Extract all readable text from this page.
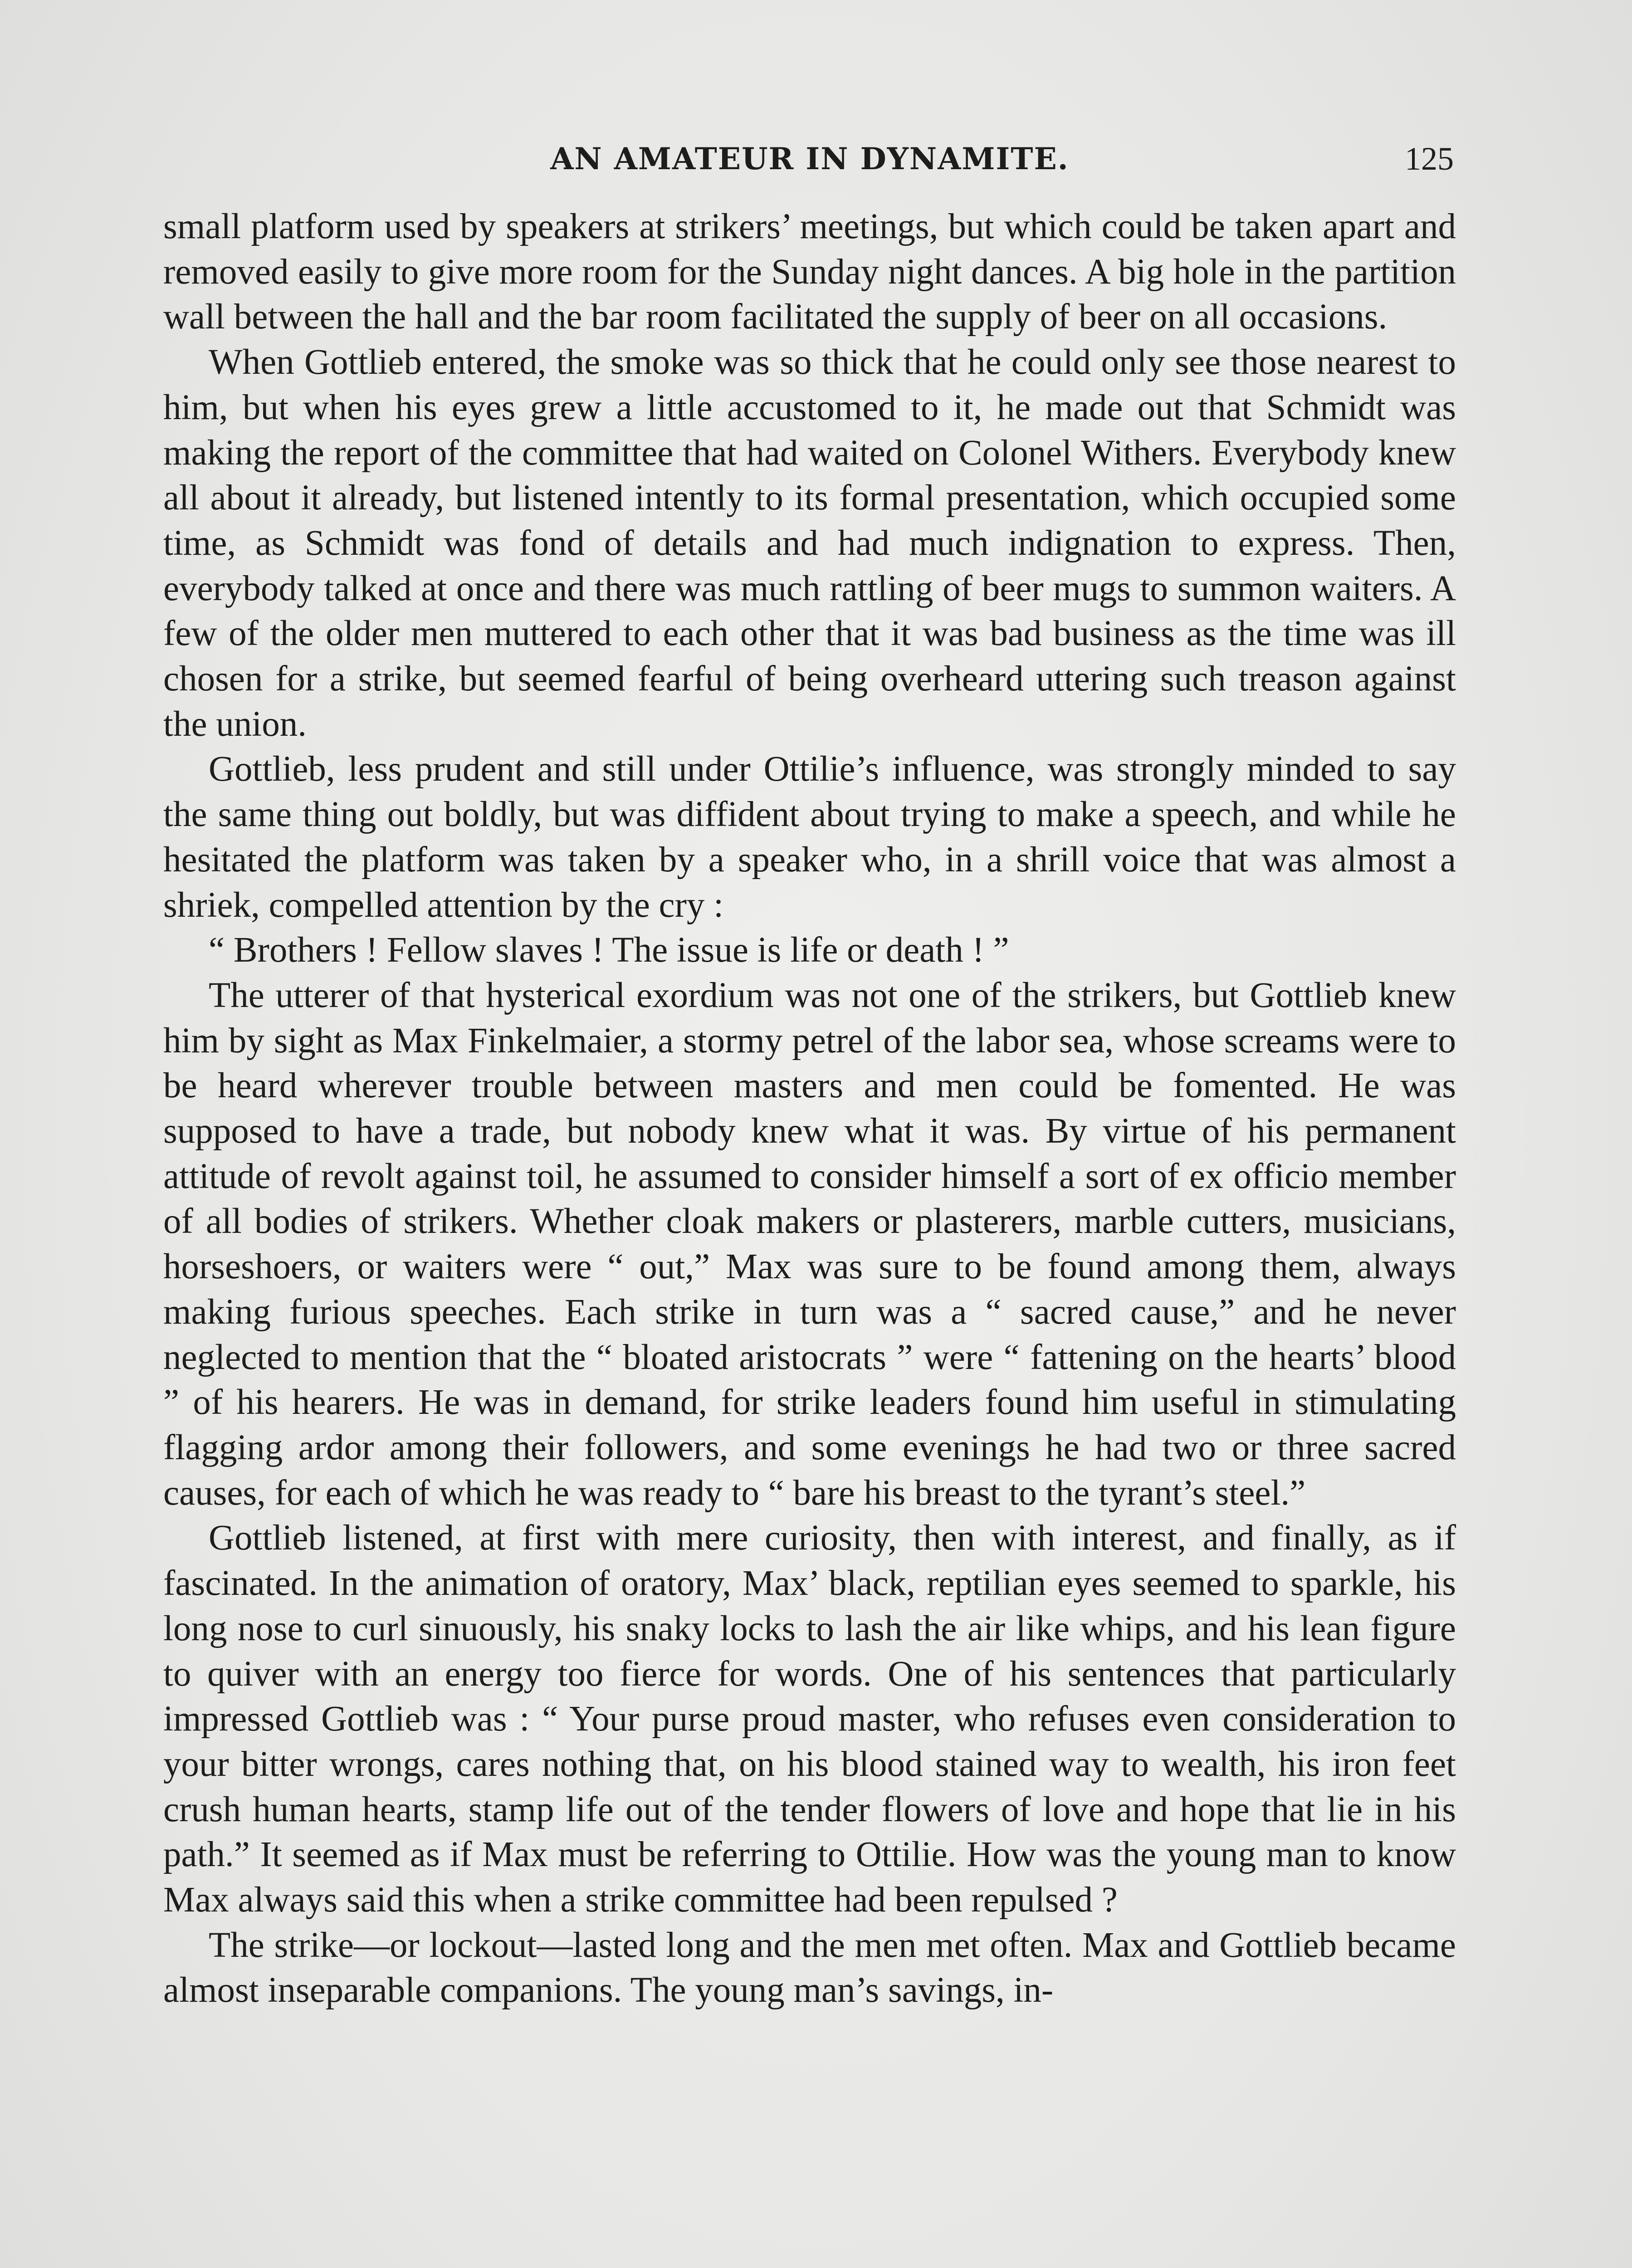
AN AMATEUR IN DYNAMITE.	125

small platform used by speakers at strikers’ meetings, but which could be taken apart and removed easily to give more room for the Sunday night dances. A big hole in the partition wall between the hall and the bar room facilitated the supply of beer on all occasions.

When Gottlieb entered, the smoke was so thick that he could only see those nearest to him, but when his eyes grew a little accustomed to it, he made out that Schmidt was making the report of the committee that had waited on Colonel Withers. Everybody knew all about it already, but listened intently to its formal presentation, which occupied some time, as Schmidt was fond of details and had much indignation to express. Then, everybody talked at once and there was much rattling of beer mugs to summon waiters. A few of the older men muttered to each other that it was bad business as the time was ill chosen for a strike, but seemed fearful of being overheard uttering such treason against the union.

Gottlieb, less prudent and still under Ottilie’s influence, was strongly minded to say the same thing out boldly, but was diffident about trying to make a speech, and while he hesitated the platform was taken by a speaker who, in a shrill voice that was almost a shriek, compelled attention by the cry :

“ Brothers ! Fellow slaves ! The issue is life or death ! ”

The utterer of that hysterical exordium was not one of the strikers, but Gottlieb knew him by sight as Max Finkelmaier, a stormy petrel of the labor sea, whose screams were to be heard wherever trouble between masters and men could be fomented. He was supposed to have a trade, but nobody knew what it was. By virtue of his permanent attitude of revolt against toil, he assumed to consider himself a sort of ex officio member of all bodies of strikers. Whether cloak makers or plasterers, marble cutters, musicians, horseshoers, or waiters were “ out,” Max was sure to be found among them, always making furious speeches. Each strike in turn was a “ sacred cause,” and he never neglected to mention that the “ bloated aristocrats ” were “ fattening on the hearts’ blood ” of his hearers. He was in demand, for strike leaders found him useful in stimulating flagging ardor among their followers, and some evenings he had two or three sacred causes, for each of which he was ready to “ bare his breast to the tyrant’s steel.”

Gottlieb listened, at first with mere curiosity, then with interest, and finally, as if fascinated. In the animation of oratory, Max’ black, reptilian eyes seemed to sparkle, his long nose to curl sinuously, his snaky locks to lash the air like whips, and his lean figure to quiver with an energy too fierce for words. One of his sentences that particularly impressed Gottlieb was : “ Your purse proud master, who refuses even consideration to your bitter wrongs, cares nothing that, on his blood stained way to wealth, his iron feet crush human hearts, stamp life out of the tender flowers of love and hope that lie in his path.” It seemed as if Max must be referring to Ottilie. How was the young man to know Max always said this when a strike committee had been repulsed ?

The strike—or lockout—lasted long and the men met often. Max and Gottlieb became almost inseparable companions. The young man’s savings, in-
